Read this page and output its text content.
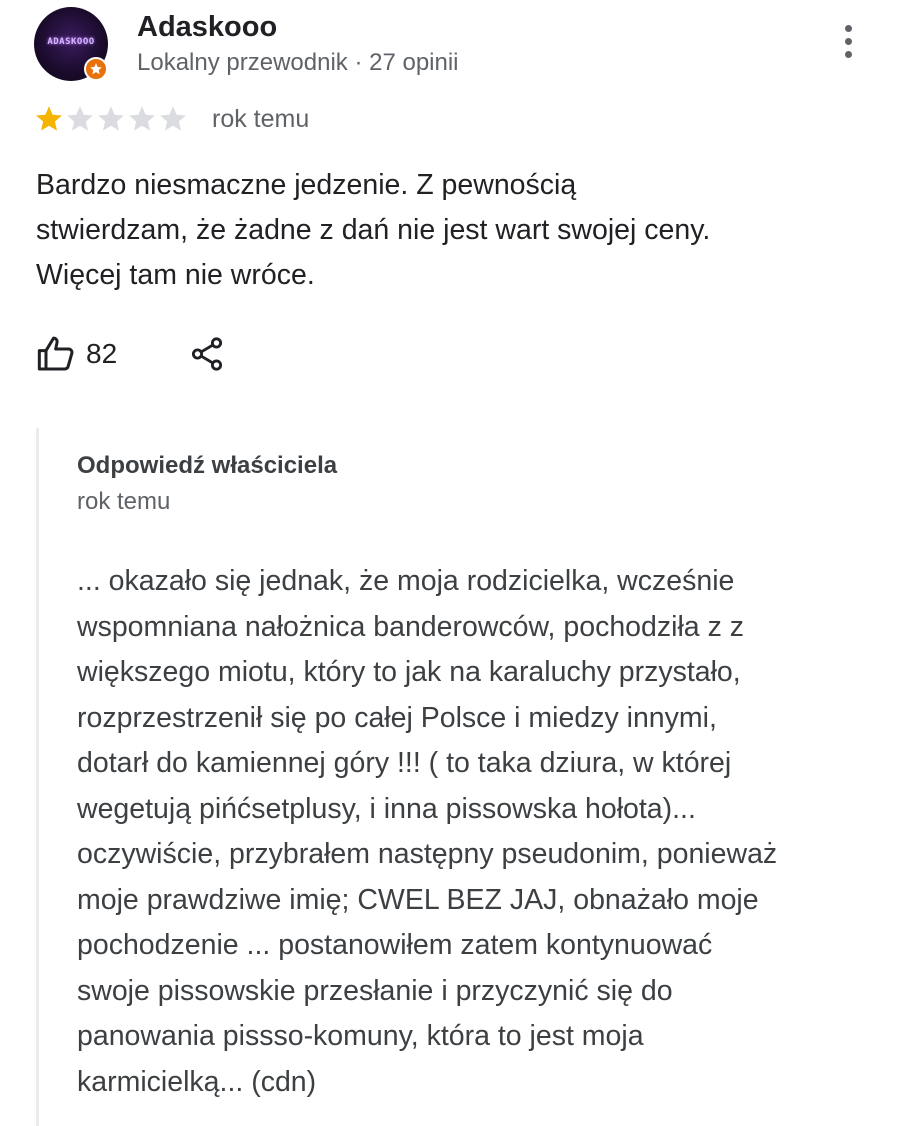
ADASKOOO	Adaskooo
Lokalny przewodnik · 27 opinii
rok temu
Bardzo niesmaczne jedzenie. Z pewnością
stwierdzam, że żadne z dań nie jest wart swojej ceny.
Więcej tam nie wróce.
82
Odpowiedź właściciela
rok temu
... okazało się jednak, że moja rodzicielka, wcześnie
wspomniana nałożnica banderowców, pochodziła z z
większego miotu, który to jak na karaluchy przystało,
rozprzestrzenił się po całej Polsce i miedzy innymi,
dotarł do kamiennej góry !!! ( to taka dziura, w której
wegetują pińćsetplusy, i inna pissowska hołota)...
oczywiście, przybrałem następny pseudonim, ponieważ
moje prawdziwe imię; CWEL BEZ JAJ, obnażało moje
pochodzenie ... postanowiłem zatem kontynuować
swoje pissowskie przesłanie i przyczynić się do
panowania pissso-komuny, która to jest moja
karmicielką... (cdn)
